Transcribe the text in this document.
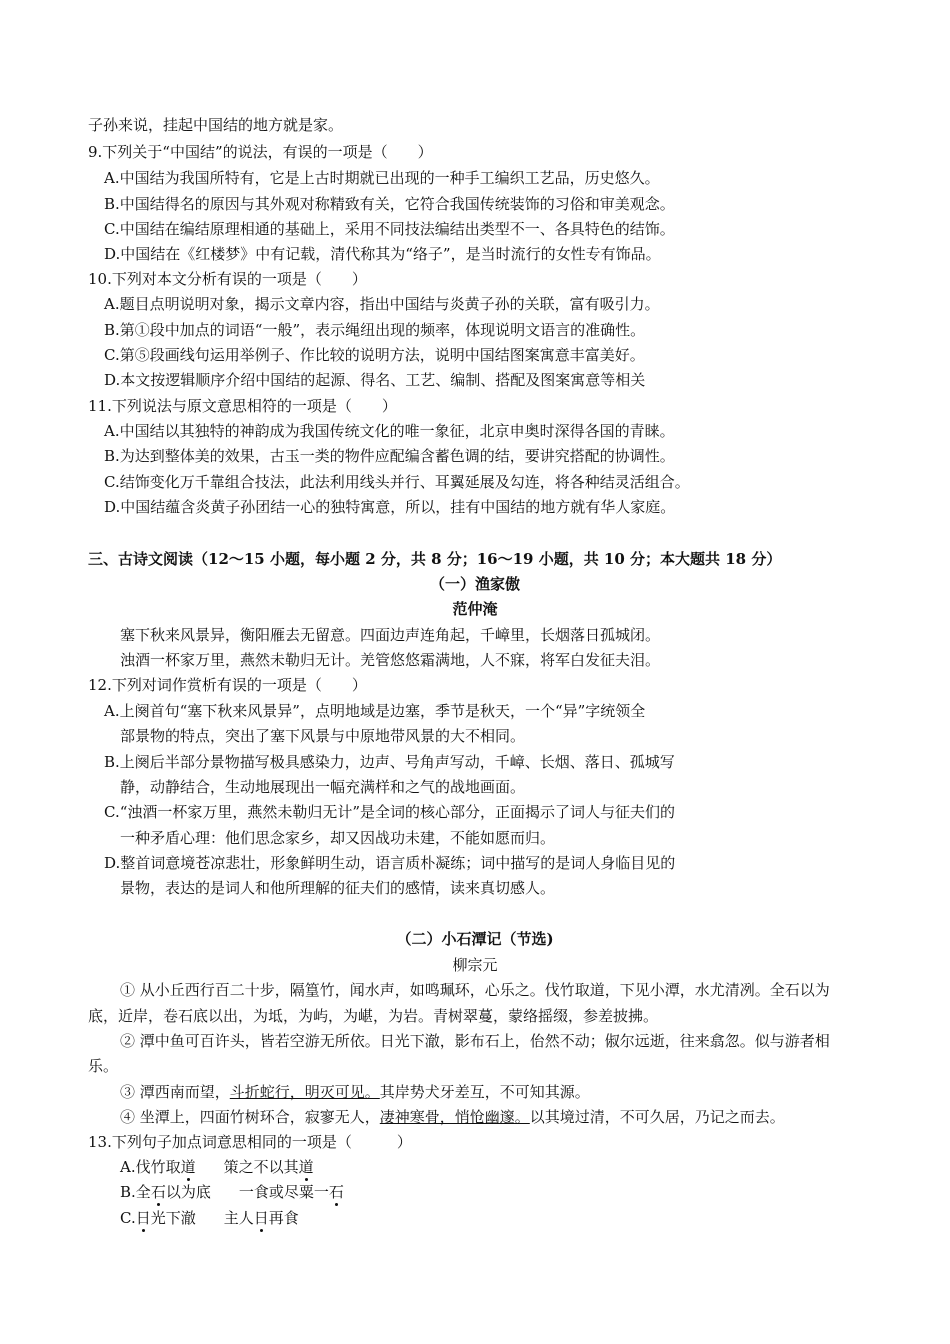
子孙来说，挂起中国结的地方就是家。
9.下列关于“中国结”的说法，有误的一项是（　　）
A.中国结为我国所特有，它是上古时期就已出现的一种手工编织工艺品，历史悠久。
B.中国结得名的原因与其外观对称精致有关，它符合我国传统装饰的习俗和审美观念。
C.中国结在编结原理相通的基础上，采用不同技法编结出类型不一、各具特色的结饰。
D.中国结在《红楼梦》中有记载，清代称其为“络子”，是当时流行的女性专有饰品。
10.下列对本文分析有误的一项是（　　）
A.题目点明说明对象，揭示文章内容，指出中国结与炎黄子孙的关联，富有吸引力。
B.第①段中加点的词语“一般”，表示绳纽出现的频率，体现说明文语言的准确性。
C.第⑤段画线句运用举例子、作比较的说明方法，说明中国结图案寓意丰富美好。
D.本文按逻辑顺序介绍中国结的起源、得名、工艺、编制、搭配及图案寓意等相关
11.下列说法与原文意思相符的一项是（　　）
A.中国结以其独特的神韵成为我国传统文化的唯一象征，北京申奥时深得各国的青睐。
B.为达到整体美的效果，古玉一类的物件应配编含蓄色调的结，要讲究搭配的协调性。
C.结饰变化万千靠组合技法，此法利用线头并行、耳翼延展及勾连，将各种结灵活组合。
D.中国结蕴含炎黄子孙团结一心的独特寓意，所以，挂有中国结的地方就有华人家庭。
三、古诗文阅读（12～15 小题，每小题 2 分，共 8 分；16～19 小题，共 10 分；本大题共 18 分）
（一）渔家傲
范仲淹
塞下秋来风景异，衡阳雁去无留意。四面边声连角起，千嶂里，长烟落日孤城闭。
浊酒一杯家万里，燕然未勒归无计。羌管悠悠霜满地，人不寐，将军白发征夫泪。
12.下列对词作赏析有误的一项是（　　）
A.上阕首句“塞下秋来风景异”，点明地域是边塞，季节是秋天，一个“异”字统领全
部景物的特点，突出了塞下风景与中原地带风景的大不相同。
B.上阕后半部分景物描写极具感染力，边声、号角声写动，千嶂、长烟、落日、孤城写
静，动静结合，生动地展现出一幅充满样和之气的战地画面。
C.“浊酒一杯家万里，燕然未勒归无计”是全词的核心部分，正面揭示了词人与征夫们的
一种矛盾心理：他们思念家乡，却又因战功未建，不能如愿而归。
D.整首词意境苍凉悲壮，形象鲜明生动，语言质朴凝练；词中描写的是词人身临目见的
景物，表达的是词人和他所理解的征夫们的感情，读来真切感人。
（二）小石潭记（节选)
柳宗元
① 从小丘西行百二十步，隔篁竹，闻水声，如鸣珮环，心乐之。伐竹取道，下见小潭，水尤清冽。全石以为
底，近岸，卷石底以出，为坻，为屿，为嵁，为岩。青树翠蔓，蒙络摇缀，参差披拂。
② 潭中鱼可百许头，皆若空游无所依。日光下澈，影布石上，佁然不动；俶尔远逝，往来翕忽。似与游者相
乐。
③ 潭西南而望，斗折蛇行，明灭可见。其岸势犬牙差互，不可知其源。
④ 坐潭上，四面竹树环合，寂寥无人，凄神寒骨，悄怆幽邃。以其境过清，不可久居，乃记之而去。
13.下列句子加点词意思相同的一项是（　　　）
A.伐竹取道 策之不以其道
B.全石以为底 一食或尽粟一石
C.日光下澈 主人日再食
